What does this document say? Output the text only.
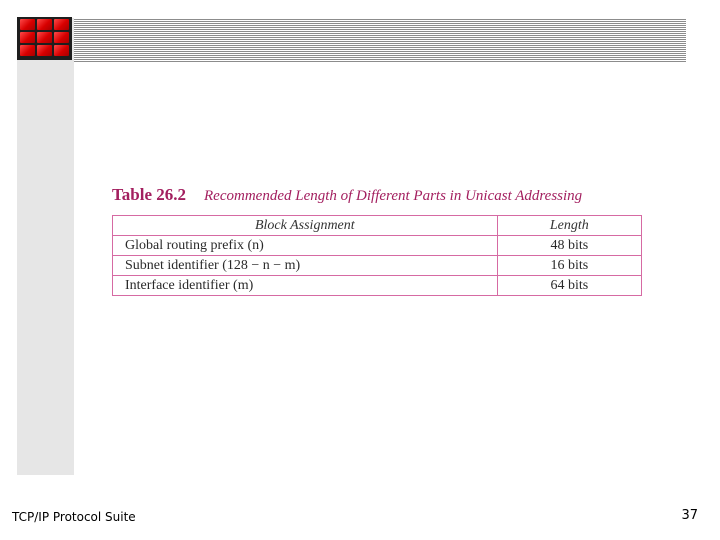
Table 26.2 Recommended Length of Different Parts in Unicast Addressing
Block Assignment	Length
Global routing prefix (n)	48 bits
Subnet identifier (128 − n − m)	16 bits
Interface identifier (m)	64 bits
TCP/IP Protocol Suite	37
